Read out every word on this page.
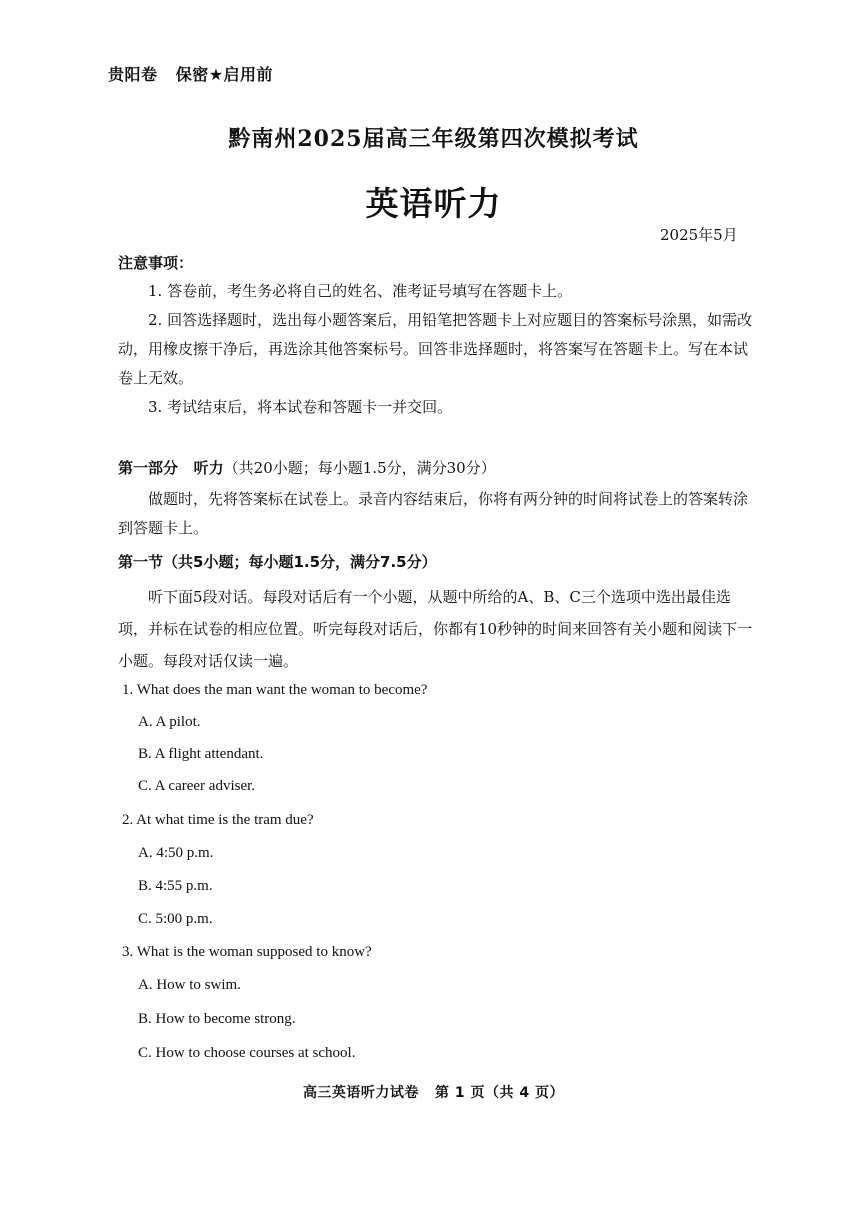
贵阳卷   保密★启用前
黔南州2025届高三年级第四次模拟考试
英语听力
2025年5月
注意事项：

1. 答卷前，考生务必将自己的姓名、准考证号填写在答题卡上。

2. 回答选择题时，选出每小题答案后，用铅笔把答题卡上对应题目的答案标号涂黑，如需改动，用橡皮擦干净后，再选涂其他答案标号。回答非选择题时，将答案写在答题卡上。写在本试卷上无效。

3. 考试结束后，将本试卷和答题卡一并交回。

第一部分   听力（共20小题；每小题1.5分，满分30分）
做题时，先将答案标在试卷上。录音内容结束后，你将有两分钟的时间将试卷上的答案转涂到答题卡上。
第一节（共5小题；每小题1.5分，满分7.5分）
听下面5段对话。每段对话后有一个小题，从题中所给的A、B、C三个选项中选出最佳选项，并标在试卷的相应位置。听完每段对话后，你都有10秒钟的时间来回答有关小题和阅读下一小题。每段对话仅读一遍。
1. What does the man want the woman to become?
A. A pilot.
B. A flight attendant.
C. A career adviser.
2. At what time is the tram due?
A. 4:50 p.m.
B. 4:55 p.m.
C. 5:00 p.m.
3. What is the woman supposed to know?
A. How to swim.
B. How to become strong.
C. How to choose courses at school.
高三英语听力试卷   第 1 页（共 4 页）
